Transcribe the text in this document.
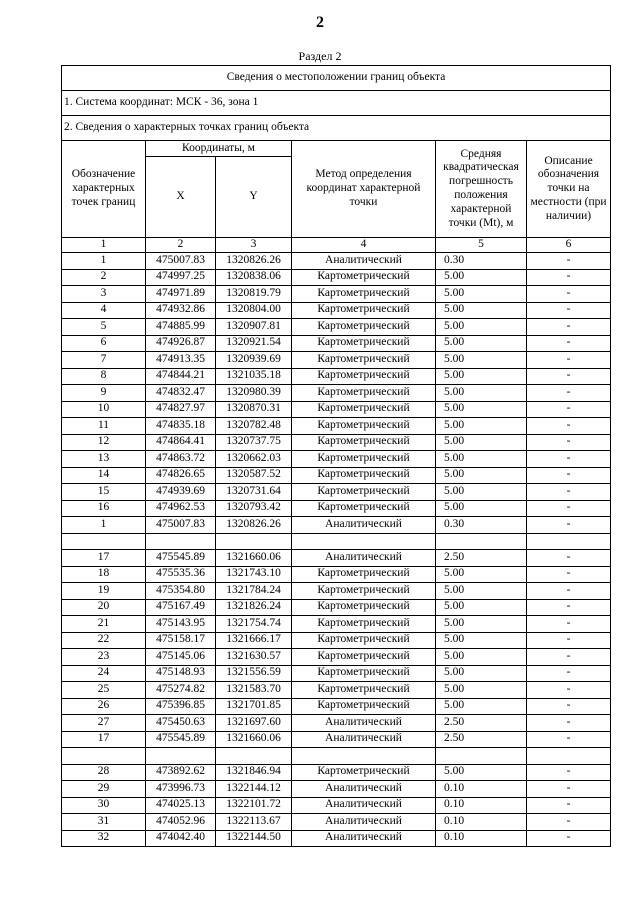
2
Раздел 2
Сведения о местоположении границ объекта					
1. Система координат: МСК - 36, зона 1					
2. Сведения о характерных точках границ объекта					
Обозначение характерных точек границ	Координаты, м		Метод определения координат характерной точки	Средняя квадратическая погрешность положения характерной точки (Mt), м	Описание обозначения точки на местности (при наличии)
	X	Y			
1	2	3	4	5	6
1	475007.83	1320826.26	Аналитический	0.30	-
2	474997.25	1320838.06	Картометрический	5.00	-
3	474971.89	1320819.79	Картометрический	5.00	-
4	474932.86	1320804.00	Картометрический	5.00	-
5	474885.99	1320907.81	Картометрический	5.00	-
6	474926.87	1320921.54	Картометрический	5.00	-
7	474913.35	1320939.69	Картометрический	5.00	-
8	474844.21	1321035.18	Картометрический	5.00	-
9	474832.47	1320980.39	Картометрический	5.00	-
10	474827.97	1320870.31	Картометрический	5.00	-
11	474835.18	1320782.48	Картометрический	5.00	-
12	474864.41	1320737.75	Картометрический	5.00	-
13	474863.72	1320662.03	Картометрический	5.00	-
14	474826.65	1320587.52	Картометрический	5.00	-
15	474939.69	1320731.64	Картометрический	5.00	-
16	474962.53	1320793.42	Картометрический	5.00	-
1	475007.83	1320826.26	Аналитический	0.30	-

17	475545.89	1321660.06	Аналитический	2.50	-
18	475535.36	1321743.10	Картометрический	5.00	-
19	475354.80	1321784.24	Картометрический	5.00	-
20	475167.49	1321826.24	Картометрический	5.00	-
21	475143.95	1321754.74	Картометрический	5.00	-
22	475158.17	1321666.17	Картометрический	5.00	-
23	475145.06	1321630.57	Картометрический	5.00	-
24	475148.93	1321556.59	Картометрический	5.00	-
25	475274.82	1321583.70	Картометрический	5.00	-
26	475396.85	1321701.85	Картометрический	5.00	-
27	475450.63	1321697.60	Аналитический	2.50	-
17	475545.89	1321660.06	Аналитический	2.50	-

28	473892.62	1321846.94	Картометрический	5.00	-
29	473996.73	1322144.12	Аналитический	0.10	-
30	474025.13	1322101.72	Аналитический	0.10	-
31	474052.96	1322113.67	Аналитический	0.10	-
32	474042.40	1322144.50	Аналитический	0.10	-
